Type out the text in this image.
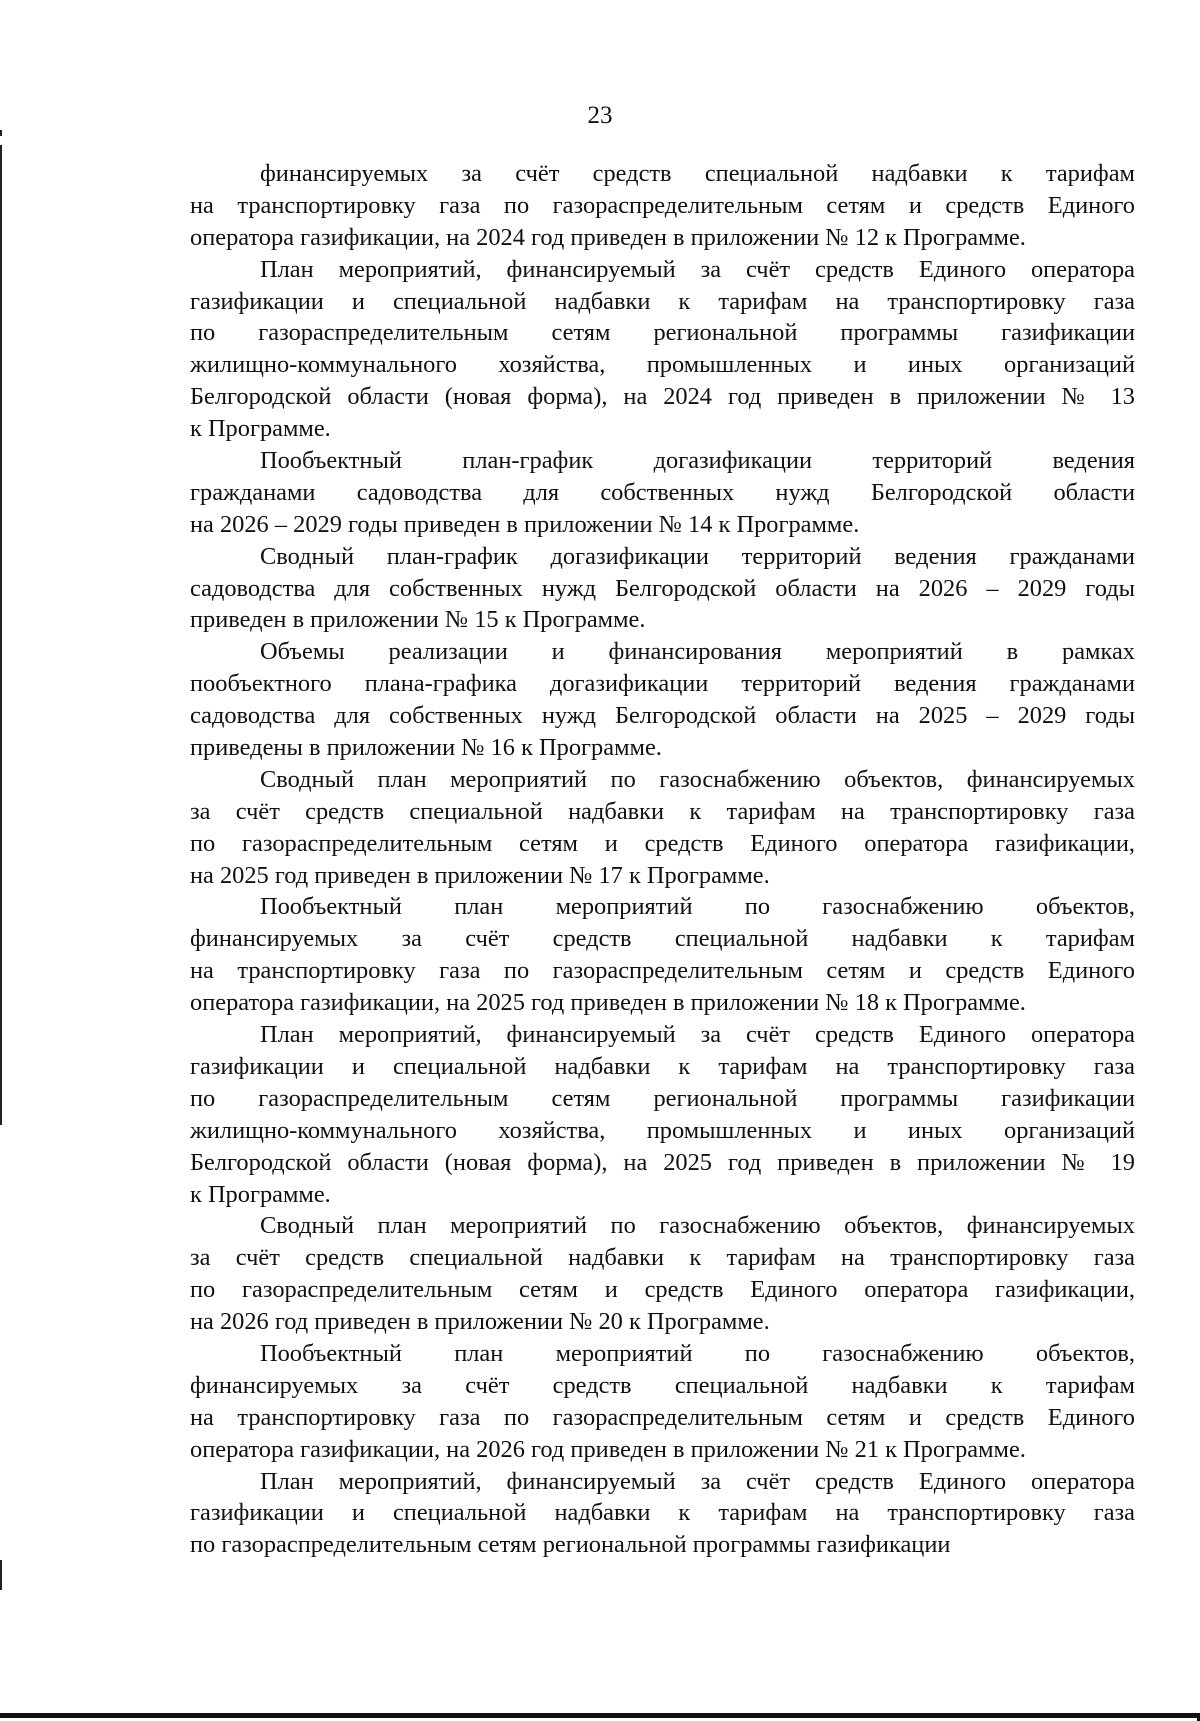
23
финансируемых за счёт средств специальной надбавки к тарифам
на транспортировку газа по газораспределительным сетям и средств Единого
оператора газификации, на 2024 год приведен в приложении № 12 к Программе.
План мероприятий, финансируемый за счёт средств Единого оператора
газификации и специальной надбавки к тарифам на транспортировку газа
по газораспределительным сетям региональной программы газификации
жилищно-коммунального хозяйства, промышленных и иных организаций
Белгородской области (новая форма), на 2024 год приведен в приложении № 13
к Программе.
Пообъектный план-график догазификации территорий ведения
гражданами садоводства для собственных нужд Белгородской области
на 2026 – 2029 годы приведен в приложении № 14 к Программе.
Сводный план-график догазификации территорий ведения гражданами
садоводства для собственных нужд Белгородской области на 2026 – 2029 годы
приведен в приложении № 15 к Программе.
Объемы реализации и финансирования мероприятий в рамках
пообъектного плана-графика догазификации территорий ведения гражданами
садоводства для собственных нужд Белгородской области на 2025 – 2029 годы
приведены в приложении № 16 к Программе.
Сводный план мероприятий по газоснабжению объектов, финансируемых
за счёт средств специальной надбавки к тарифам на транспортировку газа
по газораспределительным сетям и средств Единого оператора газификации,
на 2025 год приведен в приложении № 17 к Программе.
Пообъектный план мероприятий по газоснабжению объектов,
финансируемых за счёт средств специальной надбавки к тарифам
на транспортировку газа по газораспределительным сетям и средств Единого
оператора газификации, на 2025 год приведен в приложении № 18 к Программе.
План мероприятий, финансируемый за счёт средств Единого оператора
газификации и специальной надбавки к тарифам на транспортировку газа
по газораспределительным сетям региональной программы газификации
жилищно-коммунального хозяйства, промышленных и иных организаций
Белгородской области (новая форма), на 2025 год приведен в приложении № 19
к Программе.
Сводный план мероприятий по газоснабжению объектов, финансируемых
за счёт средств специальной надбавки к тарифам на транспортировку газа
по газораспределительным сетям и средств Единого оператора газификации,
на 2026 год приведен в приложении № 20 к Программе.
Пообъектный план мероприятий по газоснабжению объектов,
финансируемых за счёт средств специальной надбавки к тарифам
на транспортировку газа по газораспределительным сетям и средств Единого
оператора газификации, на 2026 год приведен в приложении № 21 к Программе.
План мероприятий, финансируемый за счёт средств Единого оператора
газификации и специальной надбавки к тарифам на транспортировку газа
по газораспределительным сетям региональной программы газификации
